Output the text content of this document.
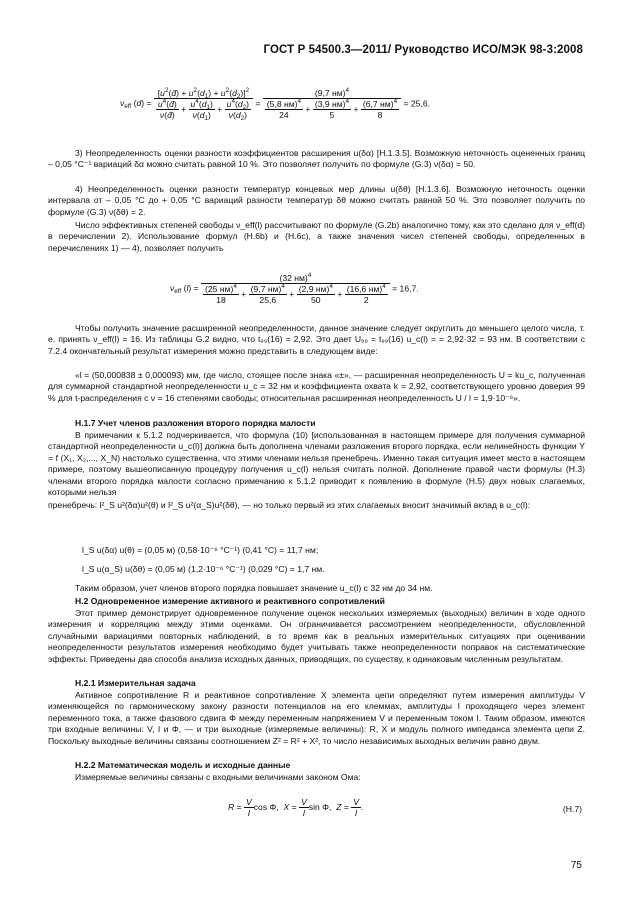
ГОСТ Р 54500.3—2011/ Руководство ИСО/МЭК 98-3:2008
$\nu_{eff}$ $(d) = \frac{[u^2(d̄) + u^2(d_1) + u^2(d_2)]^2}{\frac{u^4(d̄)}{\nu(d̄)} + \frac{u^4(d_1)}{\nu(d_1)} + \frac{u^4(d_2)}{\nu(d_2)}} = \frac{(9,7 нм)^4}{\frac{(5,8 нм)^4}{24} + \frac{(3,9 нм)^4}{5} + \frac{(6,7 нм)^4}{8}} = 25,6$.
3) Неопределенность оценки разности коэффициентов расширения u(δα) [H.1.3.5]. Возможную неточность оцененных границ – 0,05 °C⁻¹ вариаций δα можно считать равной 10 %. Это позволяет получить по формуле (G.3) ν(δα) = 50.
4) Неопределенность оценки разности температур концевых мер длины u(δθ) [H.1.3.6]. Возможную неточность оценки интервала от – 0,05 °C до + 0,05 °C вариаций разности температур δθ можно считать равной 50 %. Это позволяет получить по формуле (G.3) ν(δθ) = 2.
Число эффективных степеней свободы ν_eff(l) рассчитывают по формуле (G.2b) аналогично тому, как это сделано для ν_eff(d) в перечислении 2). Использование формул (H.6b) и (H.6c), а также значения чисел степеней свободы, определенных в перечислениях 1) — 4), позволяет получить
$\nu_{eff}$ (l) =
(32 нм)$^4$
$\frac{(25 нм)^4}{18} + \frac{(9,7 нм)^4}{25,6} + \frac{(2,9 нм)^4}{50} + \frac{(16,6 нм)^4}{2} = 16,7$.
Чтобы получить значение расширенной неопределенности, данное значение следует округлить до меньшего целого числа, т. е. принять ν_eff(l) = 16. Из таблицы G.2 видно, что t₉₉(16) = 2,92. Это дает U₉₉ = t₉₉(16) u_c(l) = = 2,92·32 = 93 нм. В соответствии с 7.2.4 окончательный результат измерения можно представить в следующем виде:
«l = (50,000838 ± 0,000093) мм, где число, стоящее после знака «±», — расширенная неопределенность U = ku_c, полученная для суммарной стандартной неопределенности u_c = 32 нм и коэффициента охвата k = 2,92, соответствующего уровню доверия 99 % для t-распределения с ν = 16 степенями свободы; относительная расширенная неопределенность U / l = 1,9·10⁻⁶».
H.1.7 Учет членов разложения второго порядка малости
В примечании к 5.1.2 подчеркивается, что формула (10) [использованная в настоящем примере для получения суммарной стандартной неопределенности u_c(l)] должна быть дополнена членами разложения второго порядка, если нелинейность функции Y = f (X₁, X₂,..., X_N) настолько существенна, что этими членами нельзя пренебречь. Именно такая ситуация имеет место в настоящем примере, поэтому вышеописанную процедуру получения u_c(l) нельзя считать полной. Дополнение правой части формулы (H.3) членами второго порядка малости согласно примечанию к 5.1.2 приводит к появлению в формуле (H.5) двух новых слагаемых, которыми нельзя
пренебречь: l²_S u²(δα)u²(θ) и l²_S u²(α_S)u²(δθ), — но только первый из этих слагаемых вносит значимый вклад в u_c(l):
l_S u(δα) u(θ) = (0,05 м) (0,58·10⁻⁶ °C⁻¹) (0,41 °C) = 11,7 нм;
l_S u(α_S) u(δθ) = (0,05 м) (1,2·10⁻⁶ °C⁻¹) (0,029 °C) = 1,7 нм.
Таким образом, учет членов второго порядка повышает значение u_c(l) с 32 нм до 34 нм.
H.2 Одновременное измерение активного и реактивного сопротивлений
Этот пример демонстрирует одновременное получение оценок нескольких измеряемых (выходных) величин в ходе одного измерения и корреляцию между этими оценками. Он ограничивается рассмотрением неопределенности, обусловленной случайными вариациями повторных наблюдений, в то время как в реальных измерительных ситуациях при оценивании неопределенности результатов измерения необходимо будет учитывать также неопределенности поправок на систематические эффекты. Приведены два способа анализа исходных данных, приводящих, по существу, к одинаковым численным результатам.
H.2.1 Измерительная задача
Активное сопротивление R и реактивное сопротивление X элемента цепи определяют путем измерения амплитуды V изменяющейся по гармоническому закону разности потенциалов на его клеммах, амплитуды I проходящего через элемент переменного тока, а также фазового сдвига Φ между переменным напряжением V и переменным током I. Таким образом, имеются три входные величины: V, I и Φ, — и три выходные (измеряемые величины): R, X и модуль полного импеданса элемента цепи Z. Поскольку выходные величины связаны соотношением Z² = R² + X², то число независимых выходных величин равно двум.
H.2.2 Математическая модель и исходные данные
Измеряемые величины связаны с входными величинами законом Ома:
$R = \frac{V}{I}$ cos Φ,  $X = \frac{V}{I}$ sin Φ,  $Z = \frac{V}{I}$ .	(H.7)
75
